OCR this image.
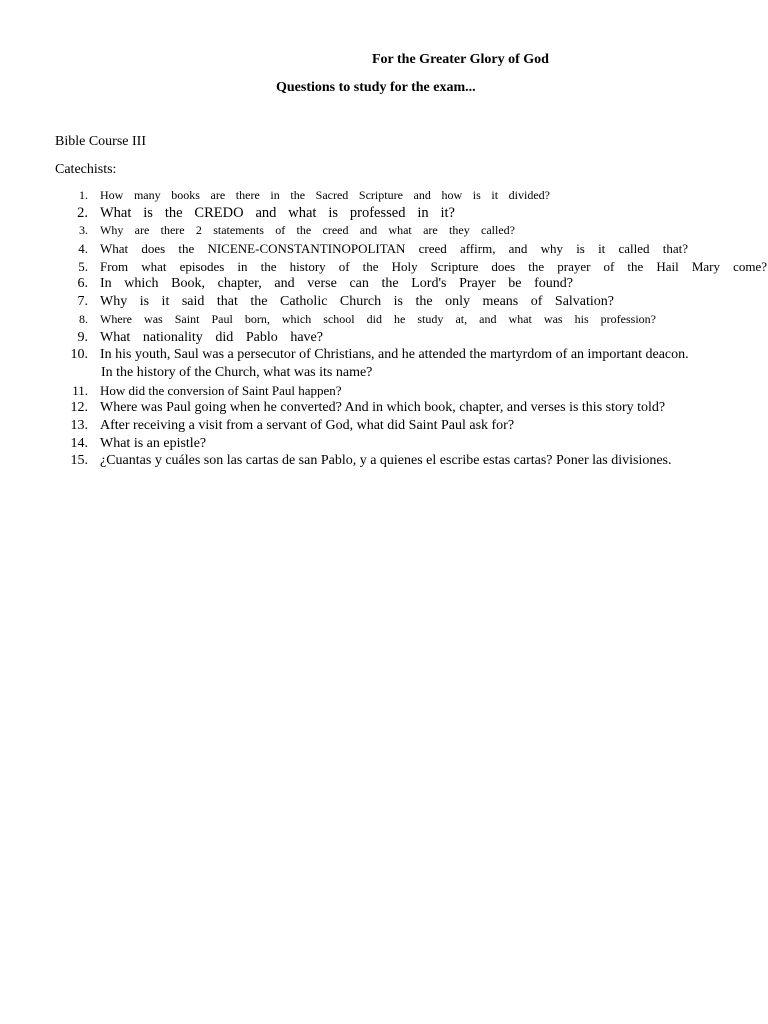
For the Greater Glory of God
Questions to study for the exam...
Bible Course III
Catechists:
1. How many books are there in the Sacred Scripture and how is it divided?
2. What is the CREDO and what is professed in it?
3. Why are there 2 statements of the creed and what are they called?
4. What does the NICENE-CONSTANTINOPOLITAN creed affirm, and why is it called that?
5. From what episodes in the history of the Holy Scripture does the prayer of the Hail Mary come?
6. In which Book, chapter, and verse can the Lord's Prayer be found?
7. Why is it said that the Catholic Church is the only means of Salvation?
8. Where was Saint Paul born, which school did he study at, and what was his profession?
9. What nationality did Pablo have?
10. In his youth, Saul was a persecutor of Christians, and he attended the martyrdom of an important deacon.
In the history of the Church, what was its name?
11. How did the conversion of Saint Paul happen?
12. Where was Paul going when he converted? And in which book, chapter, and verses is this story told?
13. After receiving a visit from a servant of God, what did Saint Paul ask for?
14. What is an epistle?
15. ¿Cuantas y cuáles son las cartas de san Pablo, y a quienes el escribe estas cartas? Poner las divisiones.
